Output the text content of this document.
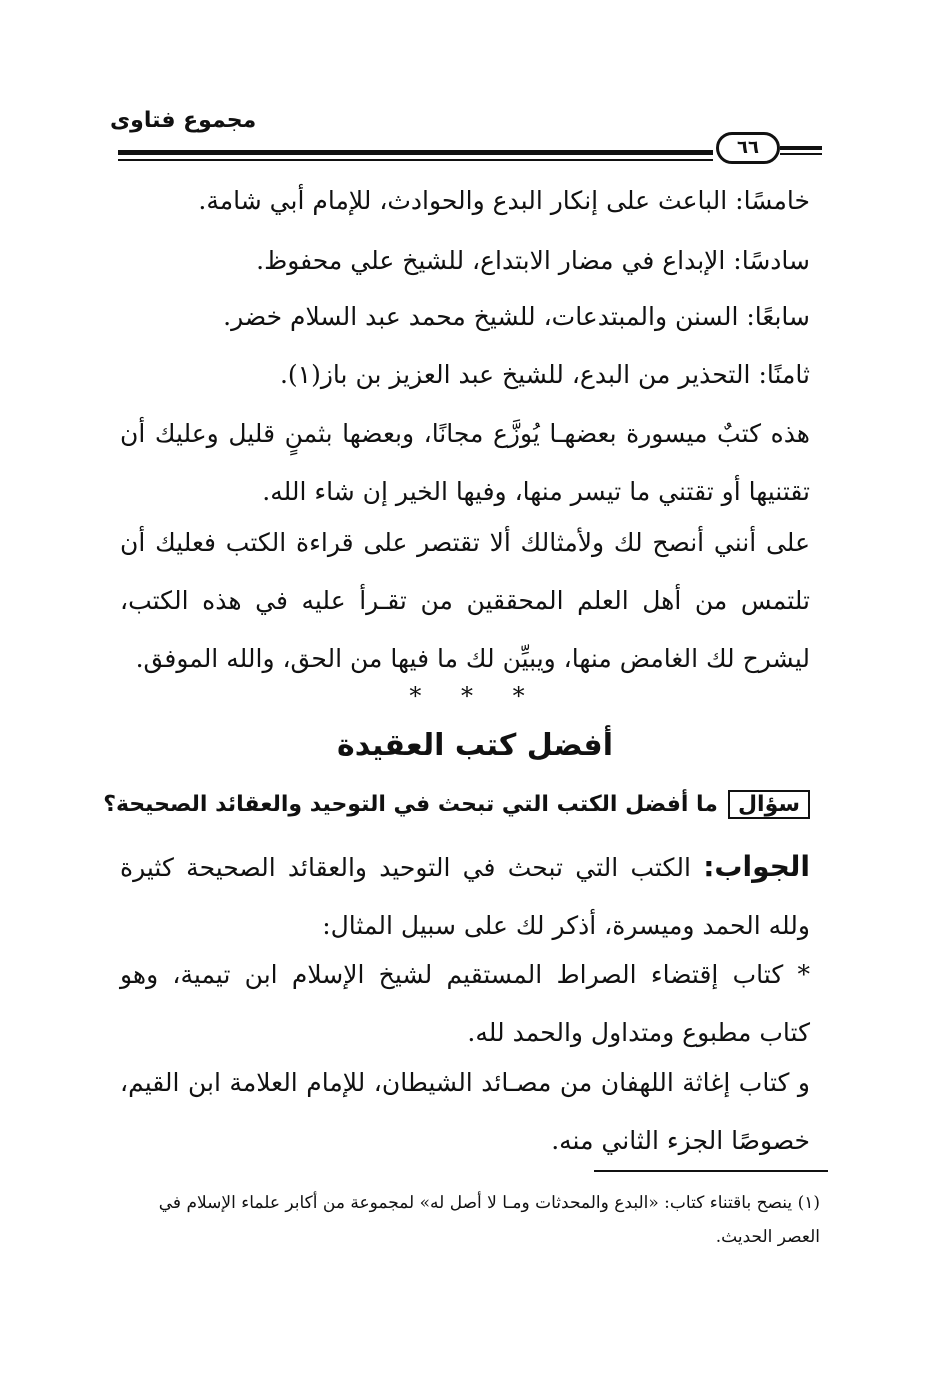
مجموع فتاوى
٦٦
خامسًا: الباعث على إنكار البدع والحوادث، للإمام أبي شامة.
سادسًا: الإبداع في مضار الابتداع، للشيخ علي محفوظ.
سابعًا: السنن والمبتدعات، للشيخ محمد عبد السلام خضر.
ثامنًا: التحذير من البدع، للشيخ عبد العزيز بن باز(١).
هذه كتبٌ ميسورة بعضهـا يُوزَّع مجانًا، وبعضها بثمنٍ قليل وعليك أن تقتنيها أو تقتني ما تيسر منها، وفيها الخير إن شاء الله.
على أنني أنصح لك ولأمثالك ألا تقتصر على قراءة الكتب فعليك أن تلتمس من أهل العلم المحققين من تقـرأ عليه في هذه الكتب، ليشرح لك الغامض منها، ويبيِّن لك ما فيها من الحق، والله الموفق.
* * *
أفضل كتب العقيدة
سؤالما أفضل الكتب التي تبحث في التوحيد والعقائد الصحيحة؟
الجواب: الكتب التي تبحث في التوحيد والعقائد الصحيحة كثيرة ولله الحمد وميسرة، أذكر لك على سبيل المثال:
* كتاب إقتضاء الصراط المستقيم لشيخ الإسلام ابن تيمية، وهو كتاب مطبوع ومتداول والحمد لله.
و كتاب إغاثة اللهفان من مصـائد الشيطان، للإمام العلامة ابن القيم، خصوصًا الجزء الثاني منه.
(١) ينصح باقتناء كتاب: «البدع والمحدثات ومـا لا أصل له» لمجموعة من أكابر علماء الإسلام في العصر الحديث.
